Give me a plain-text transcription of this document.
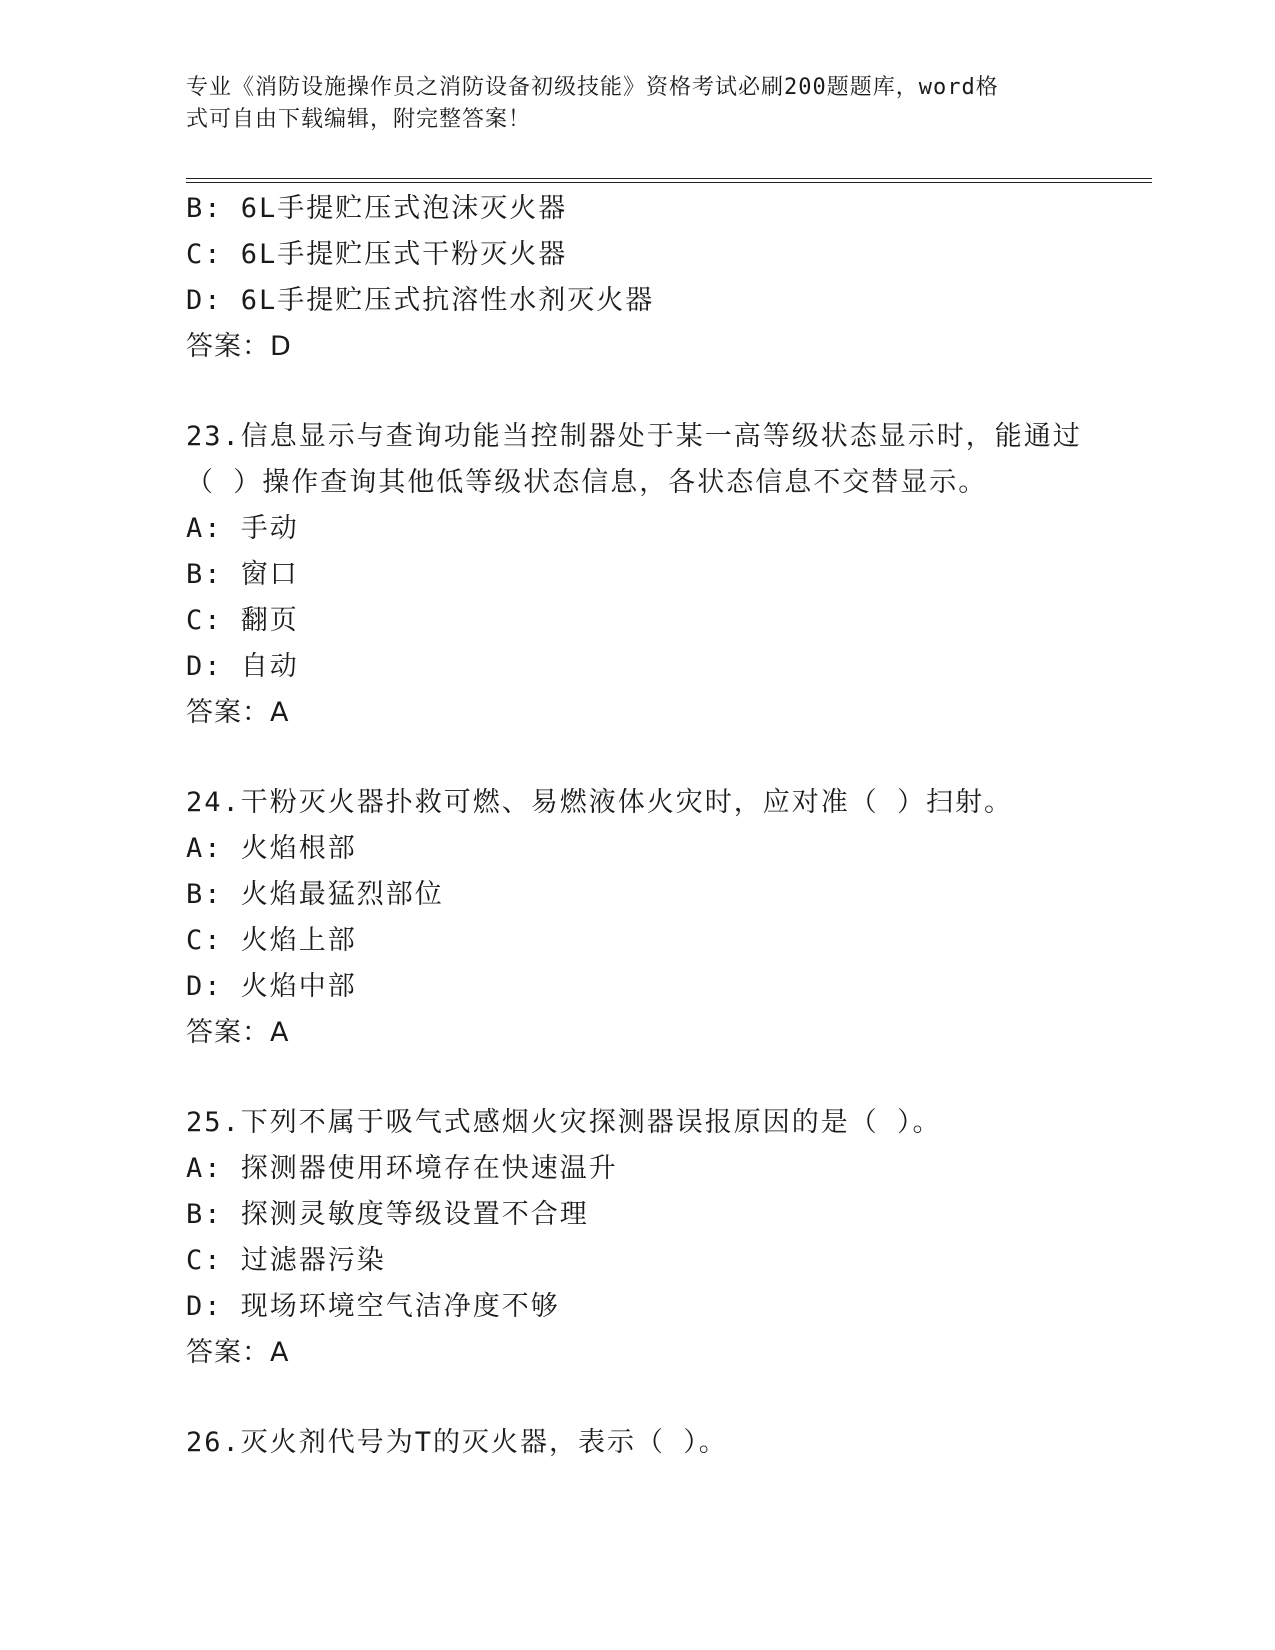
专业《消防设施操作员之消防设备初级技能》资格考试必刷200题题库，word格
式可自由下载编辑，附完整答案！
B: 6L手提贮压式泡沫灭火器
C: 6L手提贮压式干粉灭火器
D: 6L手提贮压式抗溶性水剂灭火器
答案：D
23.信息显示与查询功能当控制器处于某一高等级状态显示时，能通过
（ ）操作查询其他低等级状态信息，各状态信息不交替显示。
A: 手动
B: 窗口
C: 翻页
D: 自动
答案：A
24.干粉灭火器扑救可燃、易燃液体火灾时，应对准（ ）扫射。
A: 火焰根部
B: 火焰最猛烈部位
C: 火焰上部
D: 火焰中部
答案：A
25.下列不属于吸气式感烟火灾探测器误报原因的是（ ）。
A: 探测器使用环境存在快速温升
B: 探测灵敏度等级设置不合理
C: 过滤器污染
D: 现场环境空气洁净度不够
答案：A
26.灭火剂代号为T的灭火器，表示（ ）。
